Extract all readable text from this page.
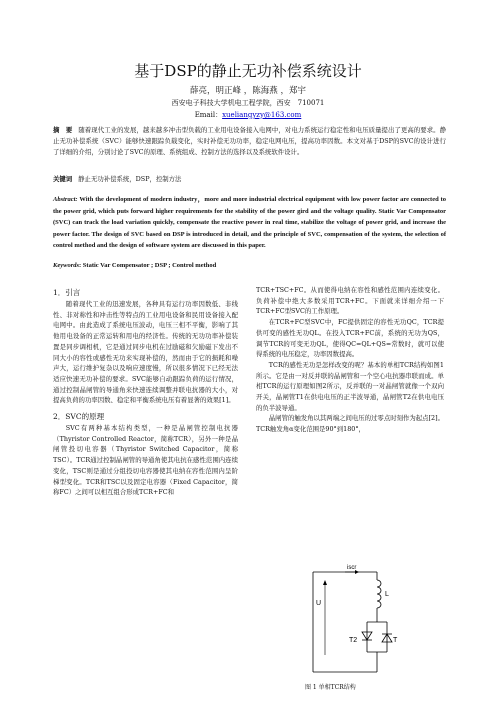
基于DSP的静止无功补偿系统设计
薛亮，明正峰 ，陈海燕 ，郑宇
西安电子科技大学机电工程学院，西安　710071
Email：xueliangyzy@163.com
摘　要 随着现代工业的发展，越来越多冲击型负载的工业用电设备接入电网中，对电力系统运行稳定性和电压质量提出了更高的要求。静止无功补偿系统（SVC）能够快速跟踪负载变化，实时补偿无功功率，稳定电网电压，提高功率因数。本文对基于DSP的SVC的设计进行了详细的介绍，分别讨论了SVC的原理、系统组成、控制方法的选择以及系统软件设计。
关键词 静止无功补偿系统，DSP，控制方法
Abstract: With the development of modern industry，more and more industrial electrical equipment with low power factor are connected to the power grid, which puts forward higher requirements for the stability of the power gird and the voltage quality. Static Var Compensator (SVC) can track the load variation quickly, compensate the reactive power in real time, stabilize the voltage of power grid, and increase the power factor. The design of SVC based on DSP is introduced in detail, and the principle of SVC, compensation of the system, the selection of control method and the design of software system are discussed in this paper.
Keywords: Static Var Compensator ; DSP ; Control method
1．引言

随着现代工业的迅速发展，各种具有运行功率因数低、非线性、非对称性和冲击性等特点的工业用电设备和民用设备接入配电网中。由此造成了系统电压波动，电压三相不平衡，影响了其他用电设备的正常运转和用电的经济性。传统的无功功率补偿装置是同步调相机，它是通过同步电机在过励磁和欠励磁下发出不同大小的容性或感性无功来实现补偿的，然而由于它的损耗和噪声大，运行维护复杂以及响应速度慢，所以很多情况下已经无法适应快速无功补偿的要求。SVC能够自动跟踪负荷的运行情况，通过控制晶闸管的导通角来快速连续调整并联电抗器的大小，对提高负荷的功率因数、稳定和平衡系统电压有着显著的效果[1]。

2．SVC的原理

SVC有两种基本结构类型，一种是晶闸管控制电抗器（Thyristor Controlled Reactor，简称TCR），另外一种是晶闸管投切电容器（Thyristor Switched Capacitor，简称TSC）。TCR通过控制晶闸管的导通角使其电抗在感性范围内连续变化，TSC则是通过分组投切电容器使其电纳在容性范围内呈阶梯型变化。TCR和TSC以及固定电容器（Fixed Capacitor，简称FC）之间可以相互组合形成TCR+FC和

TCR+TSC+FC。从而使得电纳在容性和感性范围内连续变化。负荷补偿中绝大多数采用TCR+FC。下面就来详细介绍一下TCR+FC型SVC的工作原理。

在TCR+FC型SVC中，FC提供固定的容性无功QC，TCR提供可变的感性无功QL。在投入TCR+FC前，系统的无功为QS，调节TCR的可变无功QL，使得QC=QL+QS=常数时，就可以使得系统的电压稳定，功率因数提高。

TCR的感性无功是怎样改变的呢？基本的单相TCR结构如图1所示。它是由一对反并联的晶闸管和一个空心电抗器串联而成。单相TCR的运行原理如图2所示，反并联的一对晶闸管就像一个双向开关，晶闸管T1在供电电压的正半波导通，晶闸管T2在供电电压的负半波导通。

晶闸管的触发角以其两端之间电压的过零点时刻作为起点[2]。TCR触发角α变化范围是90°到180°，

iscr
U
L
T2	T
图 1 单相TCR结构
